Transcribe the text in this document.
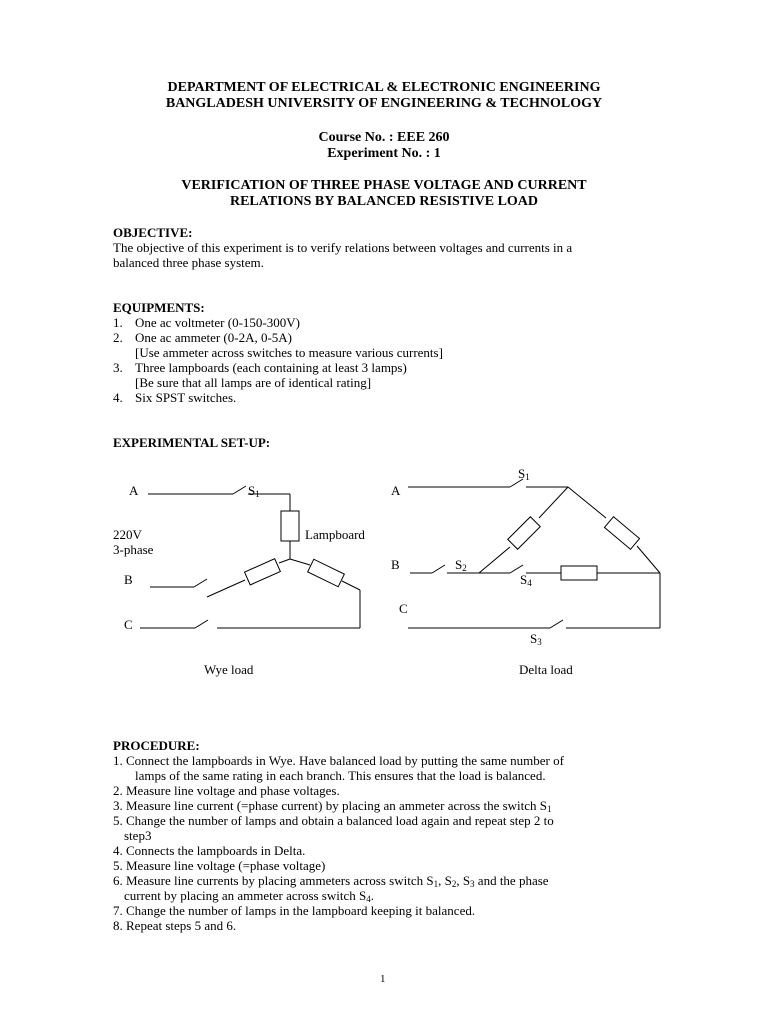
DEPARTMENT OF ELECTRICAL & ELECTRONIC ENGINEERING
BANGLADESH UNIVERSITY OF ENGINEERING & TECHNOLOGY
Course No. : EEE 260
Experiment No. : 1
VERIFICATION OF THREE PHASE VOLTAGE AND CURRENT
RELATIONS BY BALANCED RESISTIVE LOAD
OBJECTIVE:
The objective of this experiment is to verify relations between voltages and currents in a
balanced three phase system.
EQUIPMENTS:
1. One ac voltmeter (0-150-300V)
2. One ac ammeter (0-2A, 0-5A)
[Use ammeter across switches to measure various currents]
3. Three lampboards (each containing at least 3 lamps)
[Be sure that all lamps are of identical rating]
4. Six SPST switches.
EXPERIMENTAL SET-UP:
A	$S_1$
Lampboard
220V
3-phase
B
C
Wye load
$S_1$
A
B	$S_2$
$S_4$
C
$S_3$
Delta load
PROCEDURE:
1. Connect the lampboards in Wye. Have balanced load by putting the same number of
lamps of the same rating in each branch. This ensures that the load is balanced.
2. Measure line voltage and phase voltages.
3. Measure line current (=phase current) by placing an ammeter across the switch $S_1$
5. Change the number of lamps and obtain a balanced load again and repeat step 2 to
step3
4. Connects the lampboards in Delta.
5. Measure line voltage (=phase voltage)
6. Measure line currents by placing ammeters across switch $S_1$, $S_2$, $S_3$ and the phase
current by placing an ammeter across switch $S_4$.
7. Change the number of lamps in the lampboard keeping it balanced.
8. Repeat steps 5 and 6.
1
